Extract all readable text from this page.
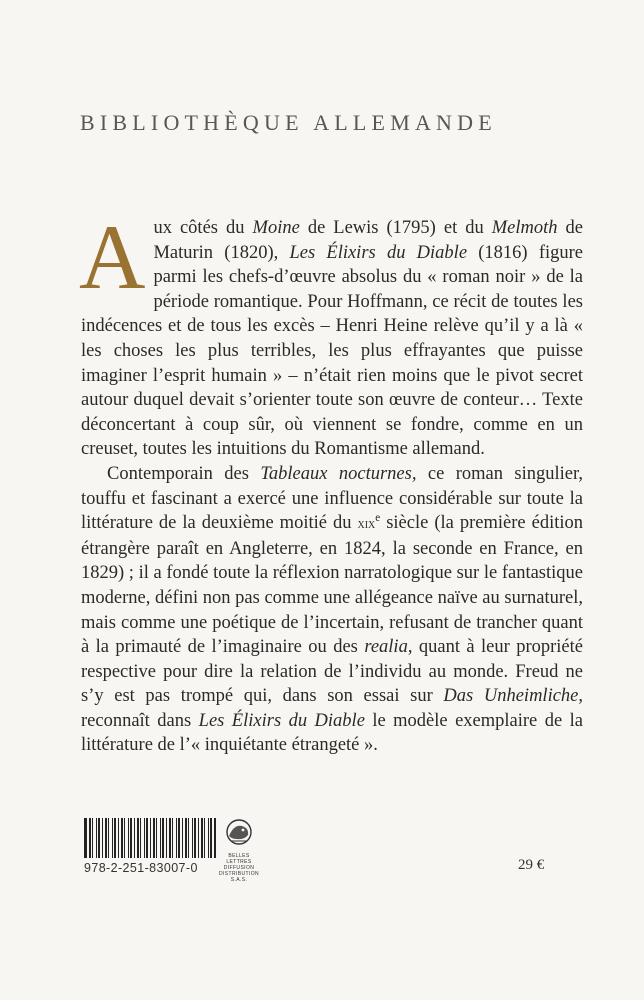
BIBLIOTHÈQUE ALLEMANDE

Aux côtés du Moine de Lewis (1795) et du Melmoth de Maturin (1820), Les Élixirs du Diable (1816) figure parmi les chefs-d’œuvre absolus du « roman noir » de la période romantique. Pour Hoffmann, ce récit de toutes les indécences et de tous les excès – Henri Heine relève qu’il y a là « les choses les plus terribles, les plus effrayantes que puisse imaginer l’esprit humain » – n’était rien moins que le pivot secret autour duquel devait s’orienter toute son œuvre de conteur… Texte déconcertant à coup sûr, où viennent se fondre, comme en un creuset, toutes les intuitions du Romantisme allemand.

Contemporain des Tableaux nocturnes, ce roman singulier, touffu et fascinant a exercé une influence considérable sur toute la littérature de la deuxième moitié du xix$^e$ siècle (la première édition étrangère paraît en Angleterre, en 1824, la seconde en France, en 1829) ; il a fondé toute la réflexion narratologique sur le fantastique moderne, défini non pas comme une allégeance naïve au surnaturel, mais comme une poétique de l’incertain, refusant de trancher quant à la primauté de l’imaginaire ou des realia, quant à leur propriété respective pour dire la relation de l’individu au monde. Freud ne s’y est pas trompé qui, dans son essai sur Das Unheimliche, reconnaît dans Les Élixirs du Diable le modèle exemplaire de la littérature de l’« inquiétante étrangeté ».

978-2-251-83007-0
BELLES LETTRES
DIFFUSION
DISTRIBUTION
S.A.S.
29 €
